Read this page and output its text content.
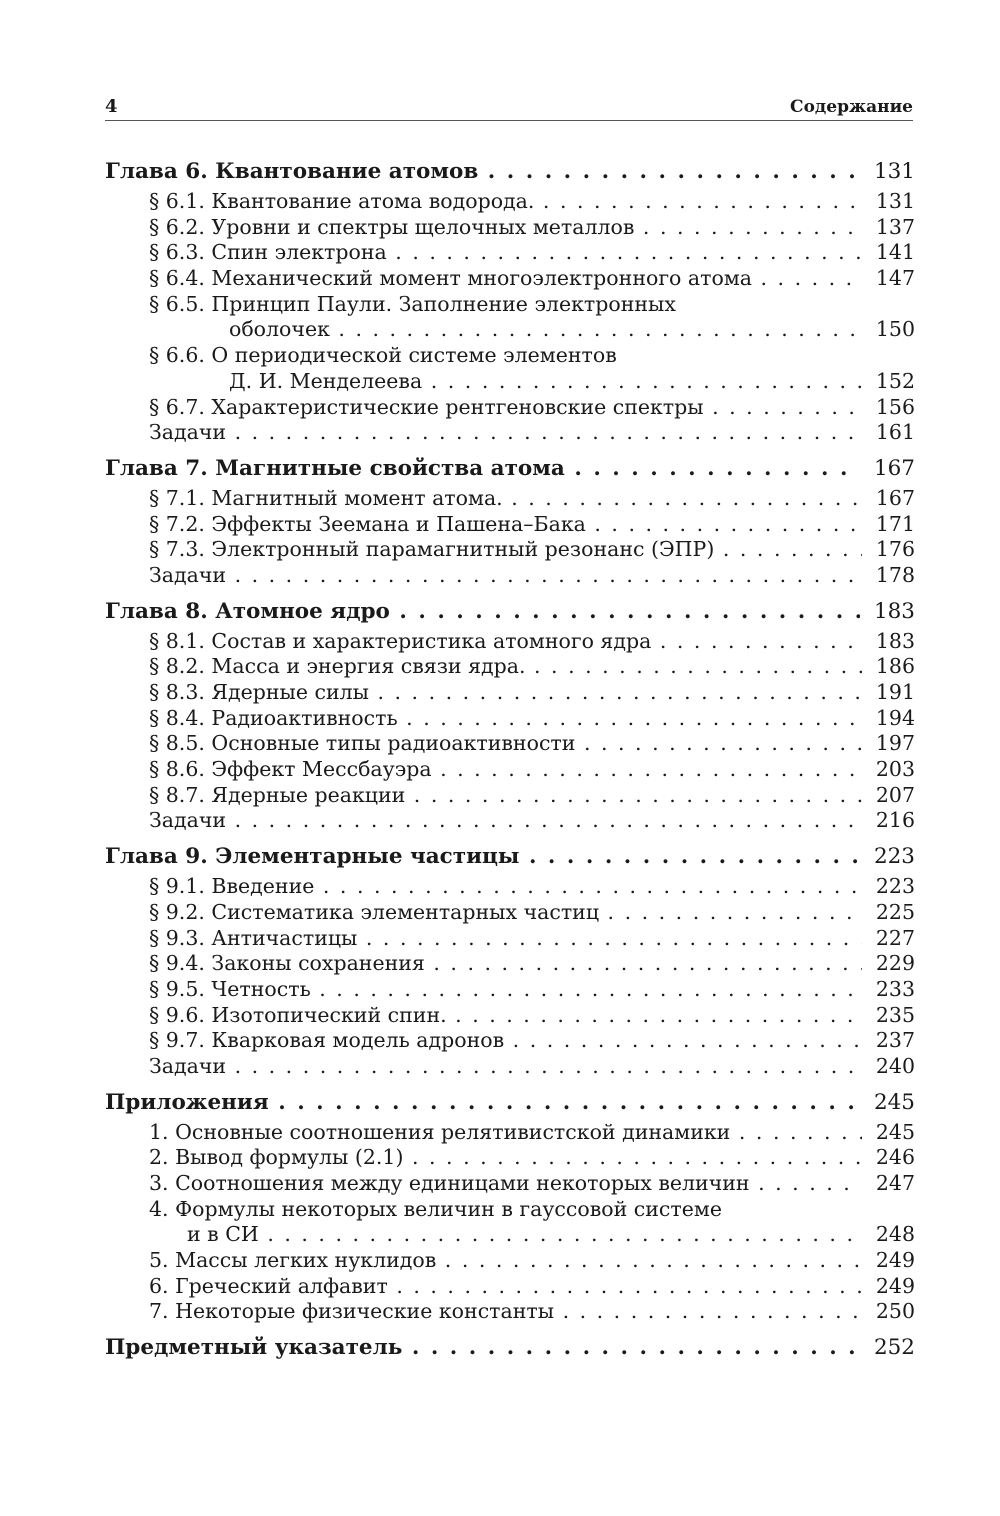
4	Содержание
Глава 6. Квантование атомов . . .	131
§ 6.1. Квантование атома водорода. . . .	131
§ 6.2. Уровни и спектры щелочных металлов . . .	137
§ 6.3. Спин электрона . . .	141
§ 6.4. Механический момент многоэлектронного атома . . .	147
§ 6.5. Принцип Паули. Заполнение электронных
оболочек . . .	150
§ 6.6. О периодической системе элементов
Д. И. Менделеева . . .	152
§ 6.7. Характеристические рентгеновские спектры . . .	156
Задачи . . .	161
Глава 7. Магнитные свойства атома . . .	167
§ 7.1. Магнитный момент атома. . . .	167
§ 7.2. Эффекты Зеемана и Пашена–Бака . . .	171
§ 7.3. Электронный парамагнитный резонанс (ЭПР) . . .	176
Задачи . . .	178
Глава 8. Атомное ядро . . .	183
§ 8.1. Состав и характеристика атомного ядра . . .	183
§ 8.2. Масса и энергия связи ядра. . . .	186
§ 8.3. Ядерные силы . . .	191
§ 8.4. Радиоактивность . . .	194
§ 8.5. Основные типы радиоактивности . . .	197
§ 8.6. Эффект Мессбауэра . . .	203
§ 8.7. Ядерные реакции . . .	207
Задачи . . .	216
Глава 9. Элементарные частицы . . .	223
§ 9.1. Введение . . .	223
§ 9.2. Систематика элементарных частиц . . .	225
§ 9.3. Античастицы . . .	227
§ 9.4. Законы сохранения . . .	229
§ 9.5. Четность . . .	233
§ 9.6. Изотопический спин. . . .	235
§ 9.7. Кварковая модель адронов . . .	237
Задачи . . .	240
Приложения . . .	245
1. Основные соотношения релятивистской динамики . . .	245
2. Вывод формулы (2.1) . . .	246
3. Соотношения между единицами некоторых величин . . .	247
4. Формулы некоторых величин в гауссовой системе
и в СИ . . .	248
5. Массы легких нуклидов . . .	249
6. Греческий алфавит . . .	249
7. Некоторые физические константы . . .	250
Предметный указатель . . .	252
